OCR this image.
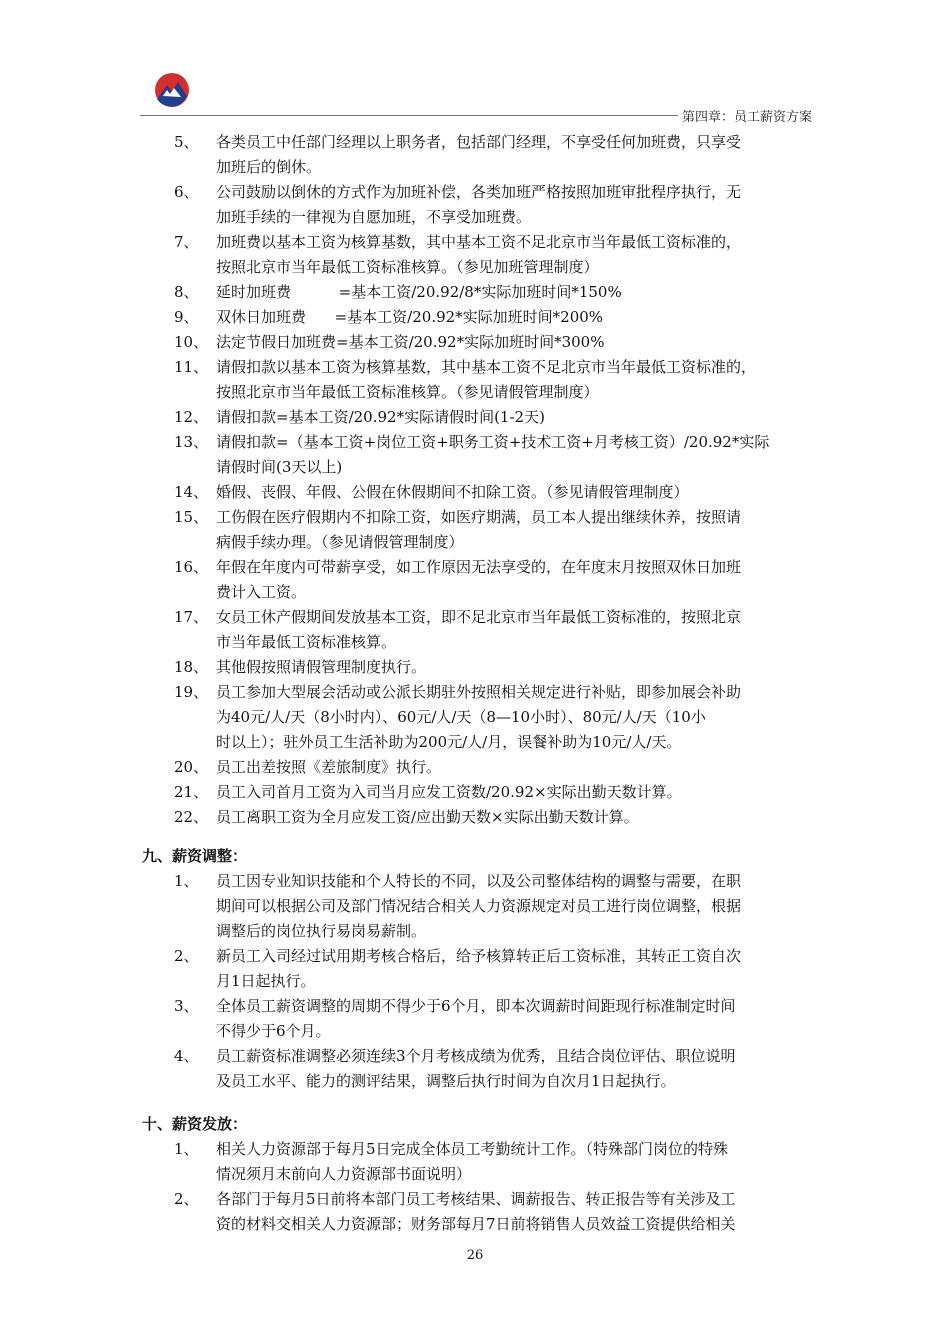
第四章：员工薪资方案
5、 各类员工中任部门经理以上职务者，包括部门经理，不享受任何加班费，只享受
加班后的倒休。
6、 公司鼓励以倒休的方式作为加班补偿，各类加班严格按照加班审批程序执行，无
加班手续的一律视为自愿加班，不享受加班费。
7、 加班费以基本工资为核算基数，其中基本工资不足北京市当年最低工资标准的，
按照北京市当年最低工资标准核算。（参见加班管理制度）
8、 延时加班费          =基本工资/20.92/8*实际加班时间*150%
9、 双休日加班费      =基本工资/20.92*实际加班时间*200%
10、 法定节假日加班费=基本工资/20.92*实际加班时间*300%
11、 请假扣款以基本工资为核算基数，其中基本工资不足北京市当年最低工资标准的，
按照北京市当年最低工资标准核算。（参见请假管理制度）
12、 请假扣款=基本工资/20.92*实际请假时间(1-2天)
13、 请假扣款=（基本工资+岗位工资+职务工资+技术工资+月考核工资）/20.92*实际
请假时间(3天以上)
14、 婚假、丧假、年假、公假在休假期间不扣除工资。（参见请假管理制度）
15、 工伤假在医疗假期内不扣除工资，如医疗期满，员工本人提出继续休养，按照请
病假手续办理。（参见请假管理制度）
16、 年假在年度内可带薪享受，如工作原因无法享受的，在年度末月按照双休日加班
费计入工资。
17、 女员工休产假期间发放基本工资，即不足北京市当年最低工资标准的，按照北京
市当年最低工资标准核算。
18、 其他假按照请假管理制度执行。
19、 员工参加大型展会活动或公派长期驻外按照相关规定进行补贴，即参加展会补助
为40元/人/天（8小时内）、60元/人/天（8—10小时）、80元/人/天（10小
时以上）；驻外员工生活补助为200元/人/月，误餐补助为10元/人/天。
20、 员工出差按照《差旅制度》执行。
21、 员工入司首月工资为入司当月应发工资数/20.92×实际出勤天数计算。
22、 员工离职工资为全月应发工资/应出勤天数×实际出勤天数计算。
九、薪资调整：
1、 员工因专业知识技能和个人特长的不同，以及公司整体结构的调整与需要，在职
期间可以根据公司及部门情况结合相关人力资源规定对员工进行岗位调整，根据
调整后的岗位执行易岗易薪制。
2、 新员工入司经过试用期考核合格后，给予核算转正后工资标准，其转正工资自次
月1日起执行。
3、 全体员工薪资调整的周期不得少于6个月，即本次调薪时间距现行标准制定时间
不得少于6个月。
4、 员工薪资标准调整必须连续3个月考核成绩为优秀，且结合岗位评估、职位说明
及员工水平、能力的测评结果，调整后执行时间为自次月1日起执行。
十、薪资发放：
1、 相关人力资源部于每月5日完成全体员工考勤统计工作。（特殊部门岗位的特殊
情况须月末前向人力资源部书面说明）
2、 各部门于每月5日前将本部门员工考核结果、调薪报告、转正报告等有关涉及工
资的材料交相关人力资源部；财务部每月7日前将销售人员效益工资提供给相关
26
